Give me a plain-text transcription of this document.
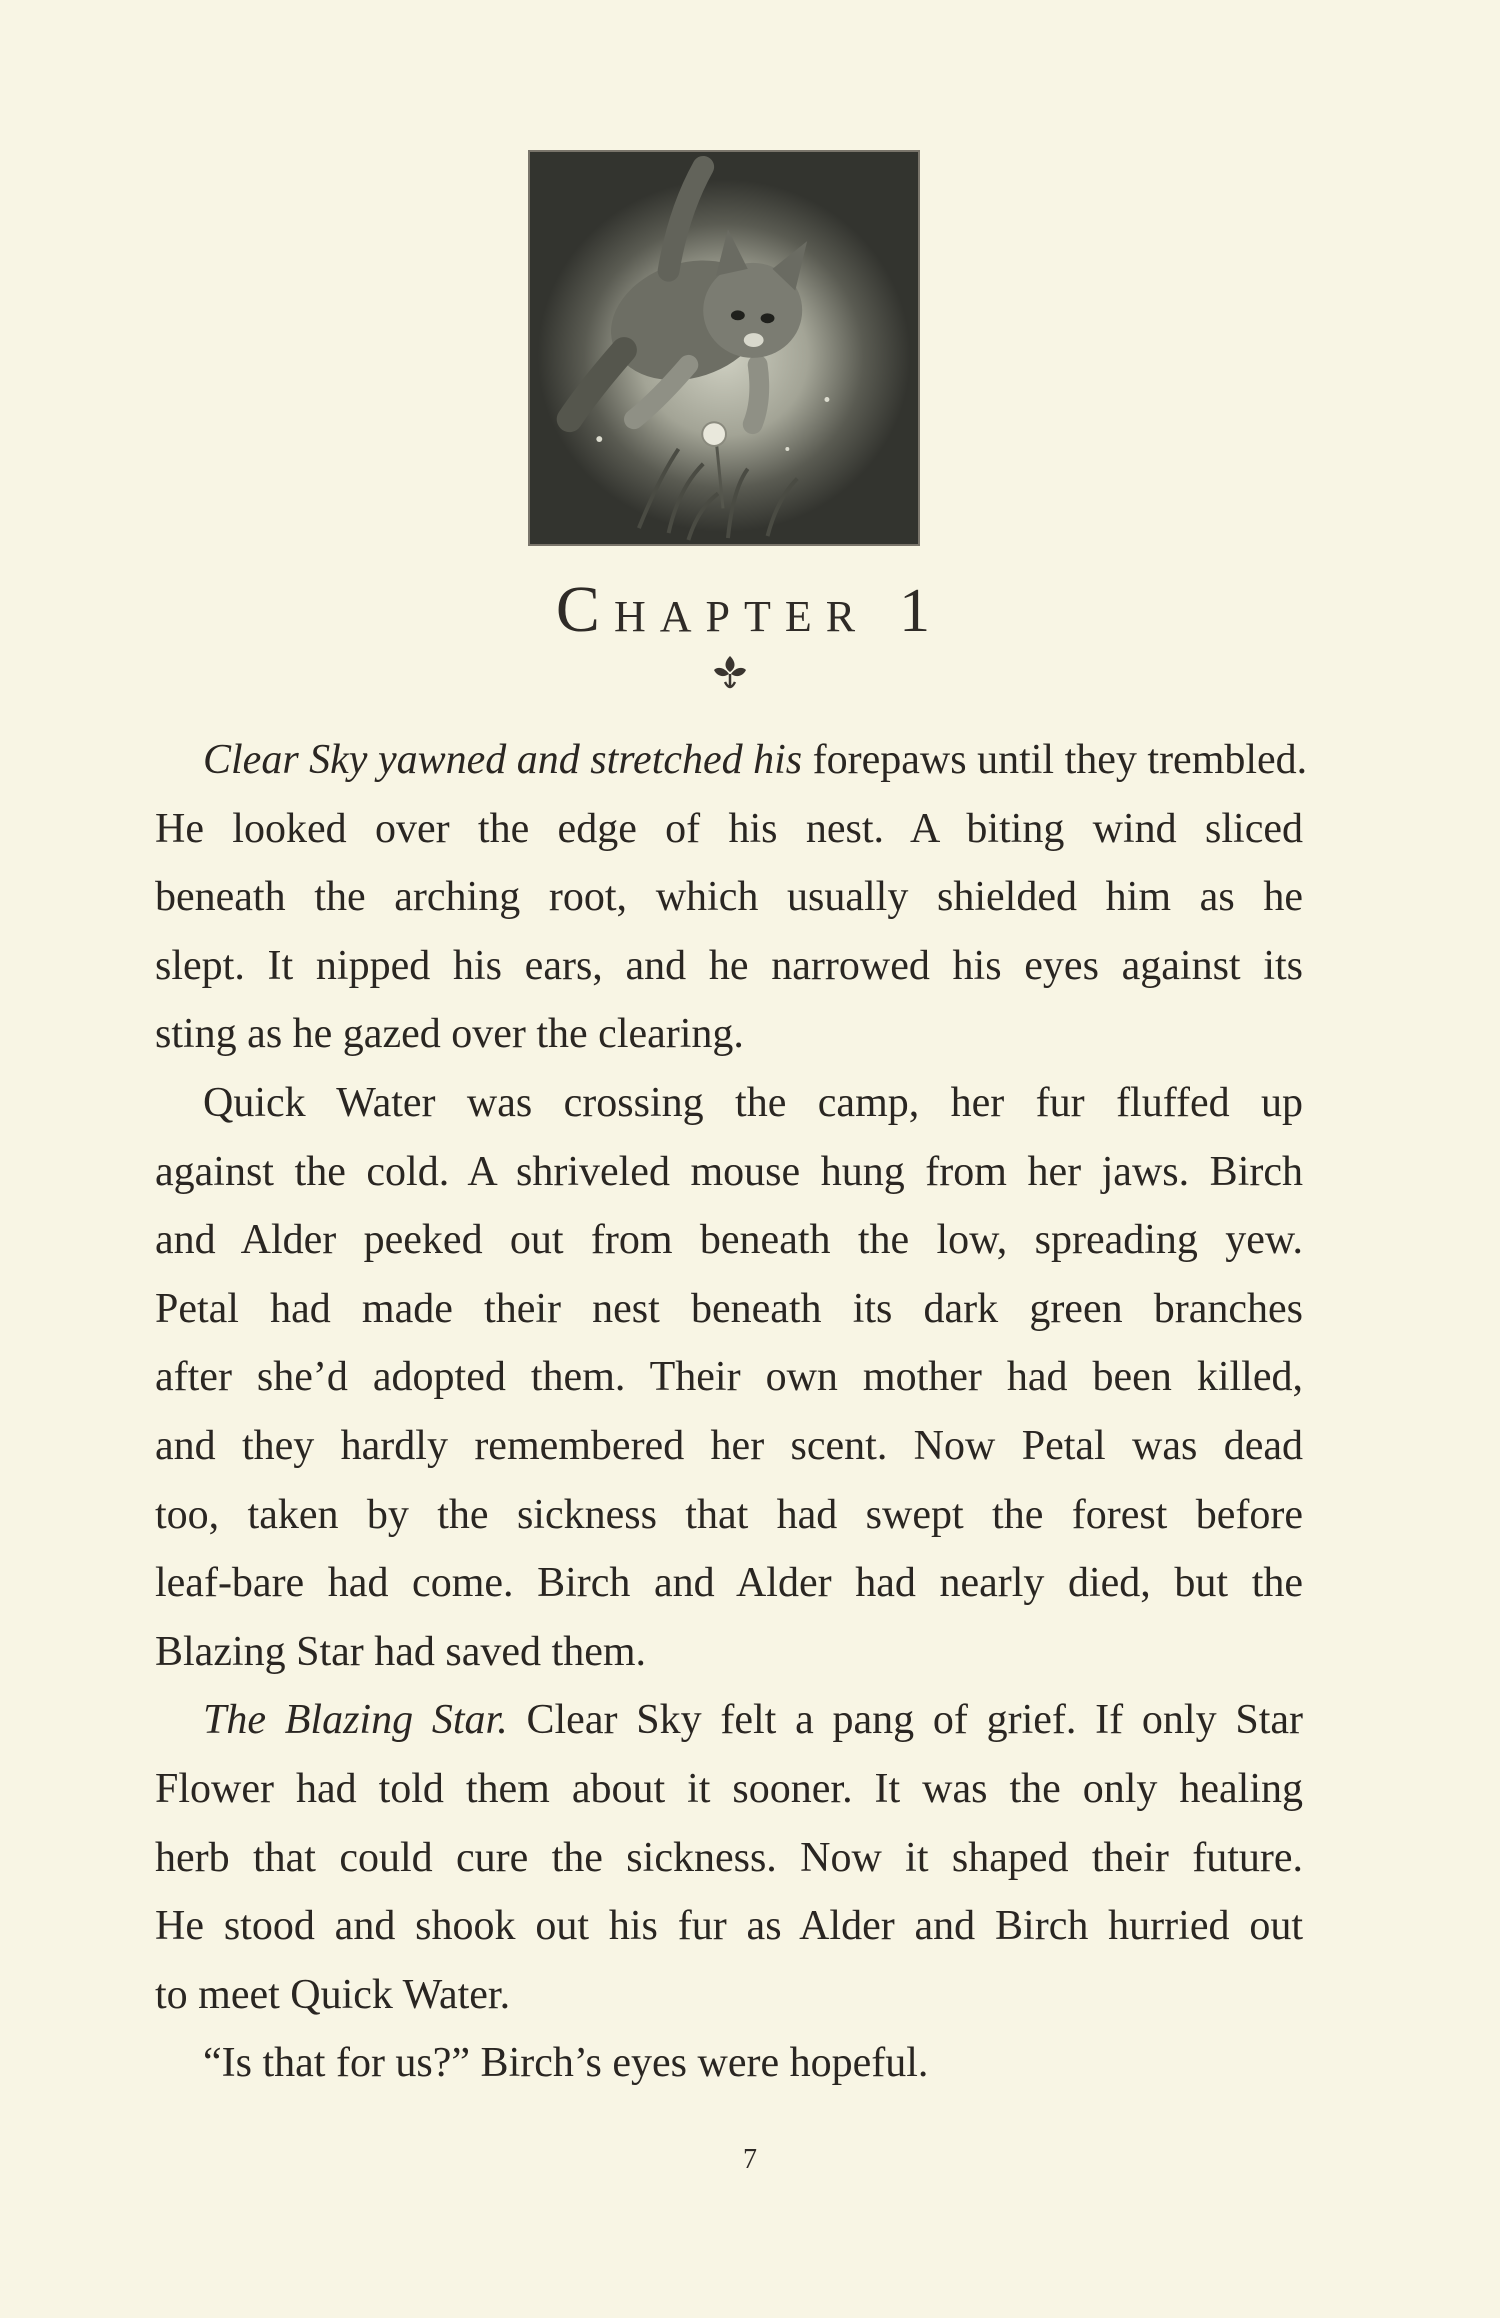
CHAPTER 1
Clear Sky yawned and stretched his forepaws until they trembled.
He looked over the edge of his nest. A biting wind sliced
beneath the arching root, which usually shielded him as he
slept. It nipped his ears, and he narrowed his eyes against its
sting as he gazed over the clearing.
Quick Water was crossing the camp, her fur fluffed up
against the cold. A shriveled mouse hung from her jaws. Birch
and Alder peeked out from beneath the low, spreading yew.
Petal had made their nest beneath its dark green branches
after she’d adopted them. Their own mother had been killed,
and they hardly remembered her scent. Now Petal was dead
too, taken by the sickness that had swept the forest before
leaf-bare had come. Birch and Alder had nearly died, but the
Blazing Star had saved them.
The Blazing Star. Clear Sky felt a pang of grief. If only Star
Flower had told them about it sooner. It was the only healing
herb that could cure the sickness. Now it shaped their future.
He stood and shook out his fur as Alder and Birch hurried out
to meet Quick Water.
“Is that for us?” Birch’s eyes were hopeful.
7
